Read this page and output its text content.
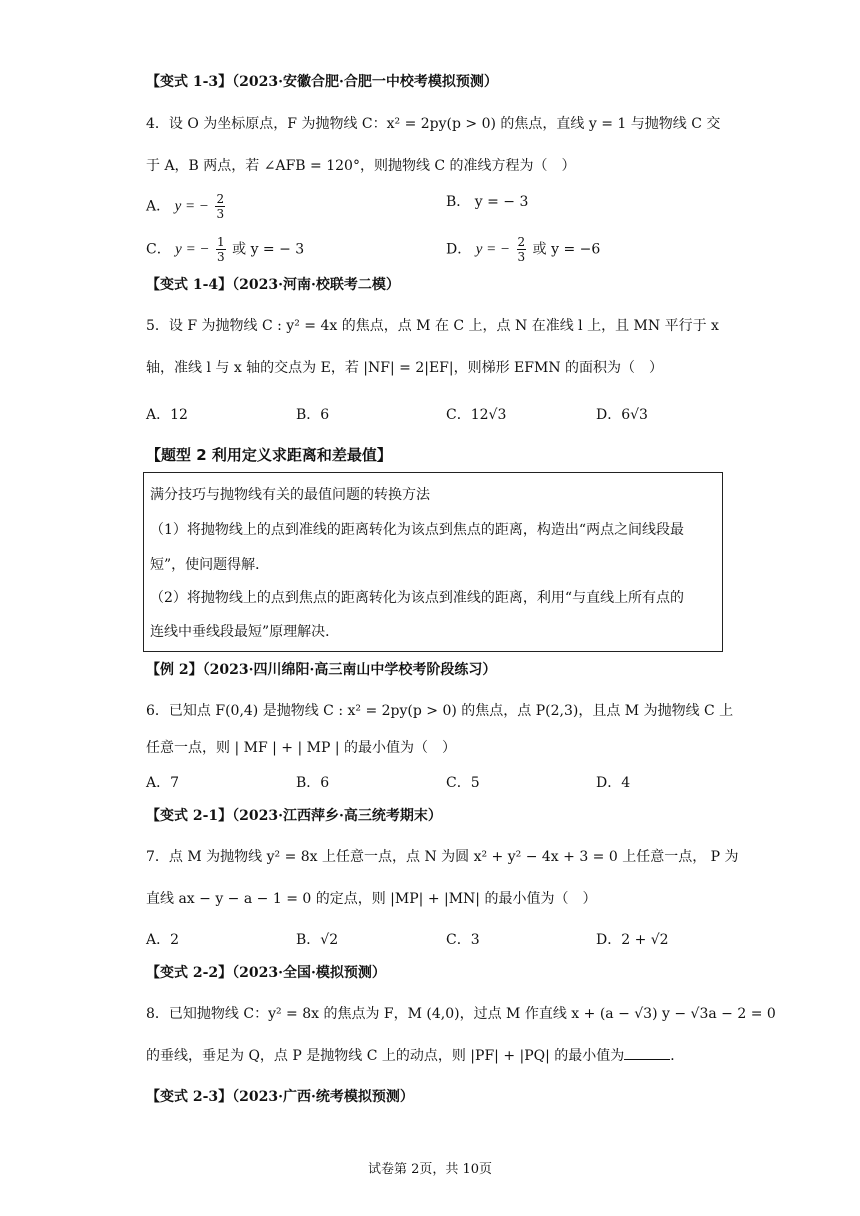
【变式 1-3】（2023·安徽合肥·合肥一中校考模拟预测）
4．设 O 为坐标原点，F 为抛物线 C：x² = 2py(p > 0) 的焦点，直线 y = 1 与抛物线 C 交
于 A，B 两点，若 ∠AFB = 120°，则抛物线 C 的准线方程为（　）
A． y = − $\frac{2}{3}$	B． y = − 3
C． y = − $\frac{1}{3}$ 或 y = − 3	D． y = − $\frac{2}{3}$ 或 y = −6
【变式 1-4】（2023·河南·校联考二模）
5．设 F 为抛物线 C : y² = 4x 的焦点，点 M 在 C 上，点 N 在准线 l 上，且 MN 平行于 x
轴，准线 l 与 x 轴的交点为 E，若 |NF| = 2|EF|，则梯形 EFMN 的面积为（　）
A．12	B．6	C．12√3	D．6√3
【题型 2 利用定义求距离和差最值】
满分技巧与抛物线有关的最值问题的转换方法
（1）将抛物线上的点到准线的距离转化为该点到焦点的距离，构造出“两点之间线段最
短”，使问题得解．
（2）将抛物线上的点到焦点的距离转化为该点到准线的距离，利用“与直线上所有点的
连线中垂线段最短”原理解决．
【例 2】（2023·四川绵阳·高三南山中学校考阶段练习）
6．已知点 F(0,4) 是抛物线 C : x² = 2py(p > 0) 的焦点，点 P(2,3)，且点 M 为抛物线 C 上
任意一点，则 | MF | + | MP | 的最小值为（　）
A．7	B．6	C．5	D．4
【变式 2-1】（2023·江西萍乡·高三统考期末）
7．点 M 为抛物线 y² = 8x 上任意一点，点 N 为圆 x² + y² − 4x + 3 = 0 上任意一点， P 为
直线 ax − y − a − 1 = 0 的定点，则 |MP| + |MN| 的最小值为（　）
A．2	B．√2	C．3	D．2 + √2
【变式 2-2】（2023·全国·模拟预测）
8．已知抛物线 C：y² = 8x 的焦点为 F，M (4,0)，过点 M 作直线 x + (a − √3) y − √3a − 2 = 0
的垂线，垂足为 Q，点 P 是抛物线 C 上的动点，则 |PF| + |PQ| 的最小值为	．
【变式 2-3】（2023·广西·统考模拟预测）
试卷第 2页，共 10页
